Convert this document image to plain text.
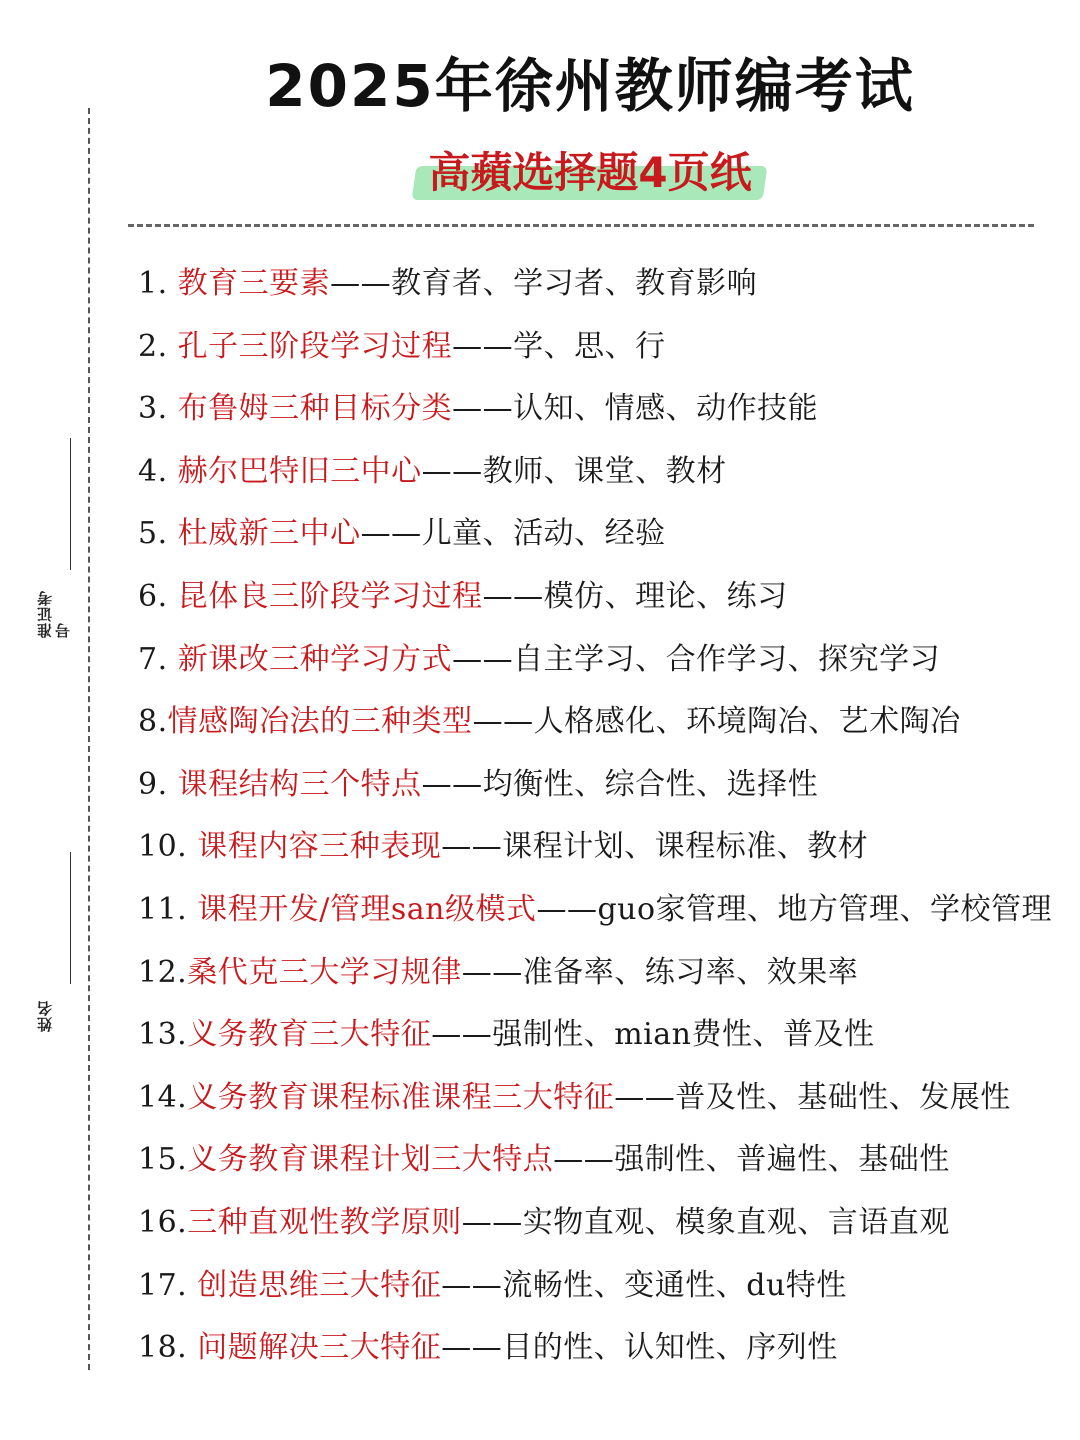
准证考号
姓名
2025年徐州教师编考试
高蘋选择题4页纸
1. 教育三要素——教育者、学习者、教育影响
2. 孔子三阶段学习过程——学、思、行
3. 布鲁姆三种目标分类——认知、情感、动作技能
4. 赫尔巴特旧三中心——教师、课堂、教材
5. 杜威新三中心——儿童、活动、经验
6. 昆体良三阶段学习过程——模仿、理论、练习
7. 新课改三种学习方式——自主学习、合作学习、探究学习
8.情感陶冶法的三种类型——人格感化、环境陶冶、艺术陶冶
9. 课程结构三个特点——均衡性、综合性、选择性
10. 课程内容三种表现——课程计划、课程标准、教材
11. 课程开发/管理san级模式——guo家管理、地方管理、学校管理
12.桑代克三大学习规律——准备率、练习率、效果率
13.义务教育三大特征——强制性、mian费性、普及性
14.义务教育课程标准课程三大特征——普及性、基础性、发展性
15.义务教育课程计划三大特点——强制性、普遍性、基础性
16.三种直观性教学原则——实物直观、模象直观、言语直观
17. 创造思维三大特征——流畅性、变通性、du特性
18. 问题解决三大特征——目的性、认知性、序列性
